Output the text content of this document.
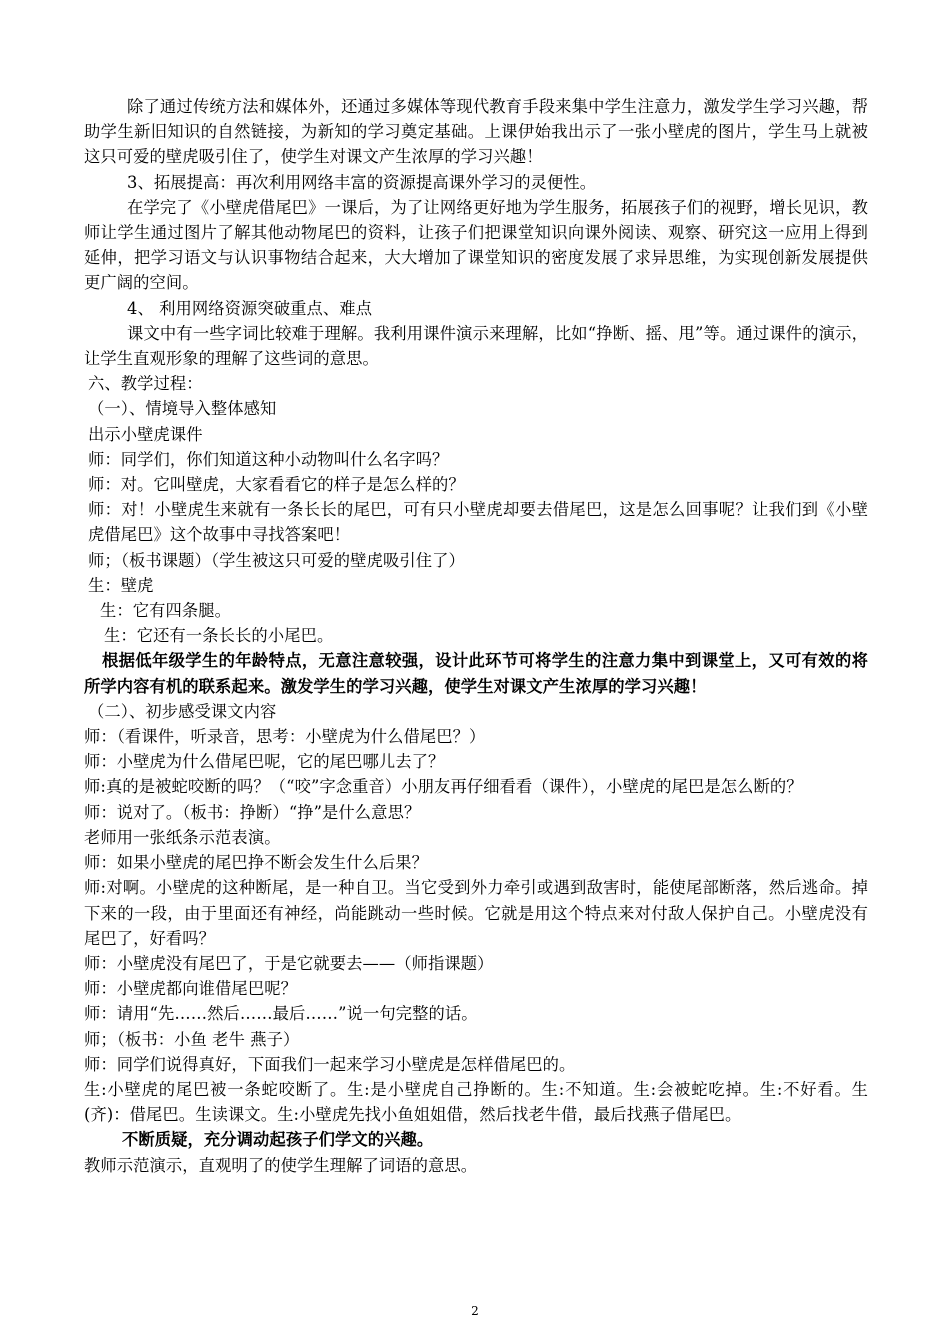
除了通过传统方法和媒体外，还通过多媒体等现代教育手段来集中学生注意力，激发学生学习兴趣，帮助学生新旧知识的自然链接，为新知的学习奠定基础。上课伊始我出示了一张小壁虎的图片，学生马上就被这只可爱的壁虎吸引住了，使学生对课文产生浓厚的学习兴趣！

3、拓展提高：再次利用网络丰富的资源提高课外学习的灵便性。

在学完了《小壁虎借尾巴》一课后，为了让网络更好地为学生服务，拓展孩子们的视野，增长见识，教师让学生通过图片了解其他动物尾巴的资料，让孩子们把课堂知识向课外阅读、观察、研究这一应用上得到延伸，把学习语文与认识事物结合起来，大大增加了课堂知识的密度发展了求异思维，为实现创新发展提供更广阔的空间。

4、 利用网络资源突破重点、难点

课文中有一些字词比较难于理解。我利用课件演示来理解，比如“挣断、摇、甩”等。通过课件的演示，让学生直观形象的理解了这些词的意思。

六、教学过程：

（一）、情境导入整体感知

出示小壁虎课件

师：同学们，你们知道这种小动物叫什么名字吗？

师：对。它叫壁虎，大家看看它的样子是怎么样的？

师：对！小壁虎生来就有一条长长的尾巴，可有只小壁虎却要去借尾巴，这是怎么回事呢？让我们到《小壁虎借尾巴》这个故事中寻找答案吧！

师；（板书课题）（学生被这只可爱的壁虎吸引住了）

生：壁虎

生：它有四条腿。

生：它还有一条长长的小尾巴。

根据低年级学生的年龄特点，无意注意较强，设计此环节可将学生的注意力集中到课堂上，又可有效的将所学内容有机的联系起来。激发学生的学习兴趣，使学生对课文产生浓厚的学习兴趣！

（二）、初步感受课文内容

师：（看课件，听录音，思考：小壁虎为什么借尾巴？）

师：小壁虎为什么借尾巴呢，它的尾巴哪儿去了？

师:真的是被蛇咬断的吗？（“咬”字念重音）小朋友再仔细看看（课件），小壁虎的尾巴是怎么断的？

师：说对了。（板书：挣断）“挣”是什么意思？

老师用一张纸条示范表演。

师：如果小壁虎的尾巴挣不断会发生什么后果？

师:对啊。小壁虎的这种断尾，是一种自卫。当它受到外力牵引或遇到敌害时，能使尾部断落，然后逃命。掉下来的一段，由于里面还有神经，尚能跳动一些时候。它就是用这个特点来对付敌人保护自己。小壁虎没有尾巴了，好看吗？

师：小壁虎没有尾巴了，于是它就要去——（师指课题）

师：小壁虎都向谁借尾巴呢？

师：请用“先……然后……最后……”说一句完整的话。

师；（板书：小鱼 老牛 燕子）

师：同学们说得真好，下面我们一起来学习小壁虎是怎样借尾巴的。

生:小壁虎的尾巴被一条蛇咬断了。生:是小壁虎自己挣断的。生:不知道。生:会被蛇吃掉。生:不好看。生(齐)：借尾巴。生读课文。生:小壁虎先找小鱼姐姐借，然后找老牛借，最后找燕子借尾巴。

不断质疑，充分调动起孩子们学文的兴趣。

教师示范演示，直观明了的使学生理解了词语的意思。

2
